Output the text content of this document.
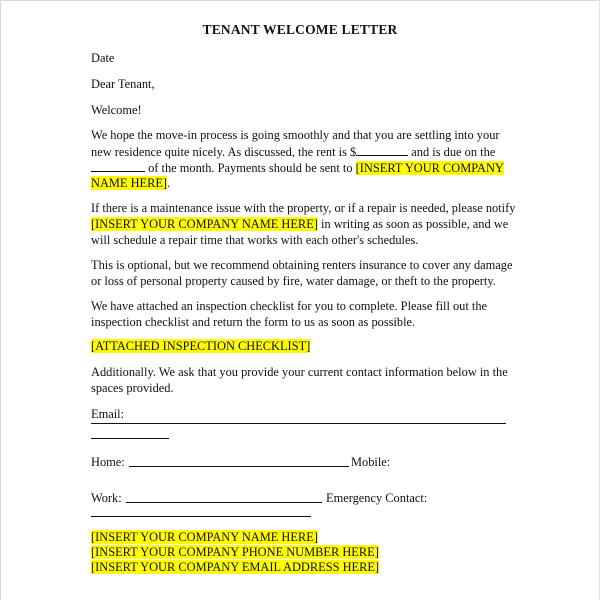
TENANT WELCOME LETTER
Date
Dear Tenant,
Welcome!
We hope the move-in process is going smoothly and that you are settling into your
new residence quite nicely. As discussed, the rent is $	and is due on the
of the month. Payments should be sent to [INSERT YOUR COMPANY
NAME HERE].
If there is a maintenance issue with the property, or if a repair is needed, please notify
[INSERT YOUR COMPANY NAME HERE] in writing as soon as possible, and we
will schedule a repair time that works with each other's schedules.
This is optional, but we recommend obtaining renters insurance to cover any damage
or loss of personal property caused by fire, water damage, or theft to the property.
We have attached an inspection checklist for you to complete. Please fill out the
inspection checklist and return the form to us as soon as possible.
[ATTACHED INSPECTION CHECKLIST]
Additionally. We ask that you provide your current contact information below in the
spaces provided.
Email:
Home:	Mobile:
Work:	Emergency Contact:
[INSERT YOUR COMPANY NAME HERE]
[INSERT YOUR COMPANY PHONE NUMBER HERE]
[INSERT YOUR COMPANY EMAIL ADDRESS HERE]
